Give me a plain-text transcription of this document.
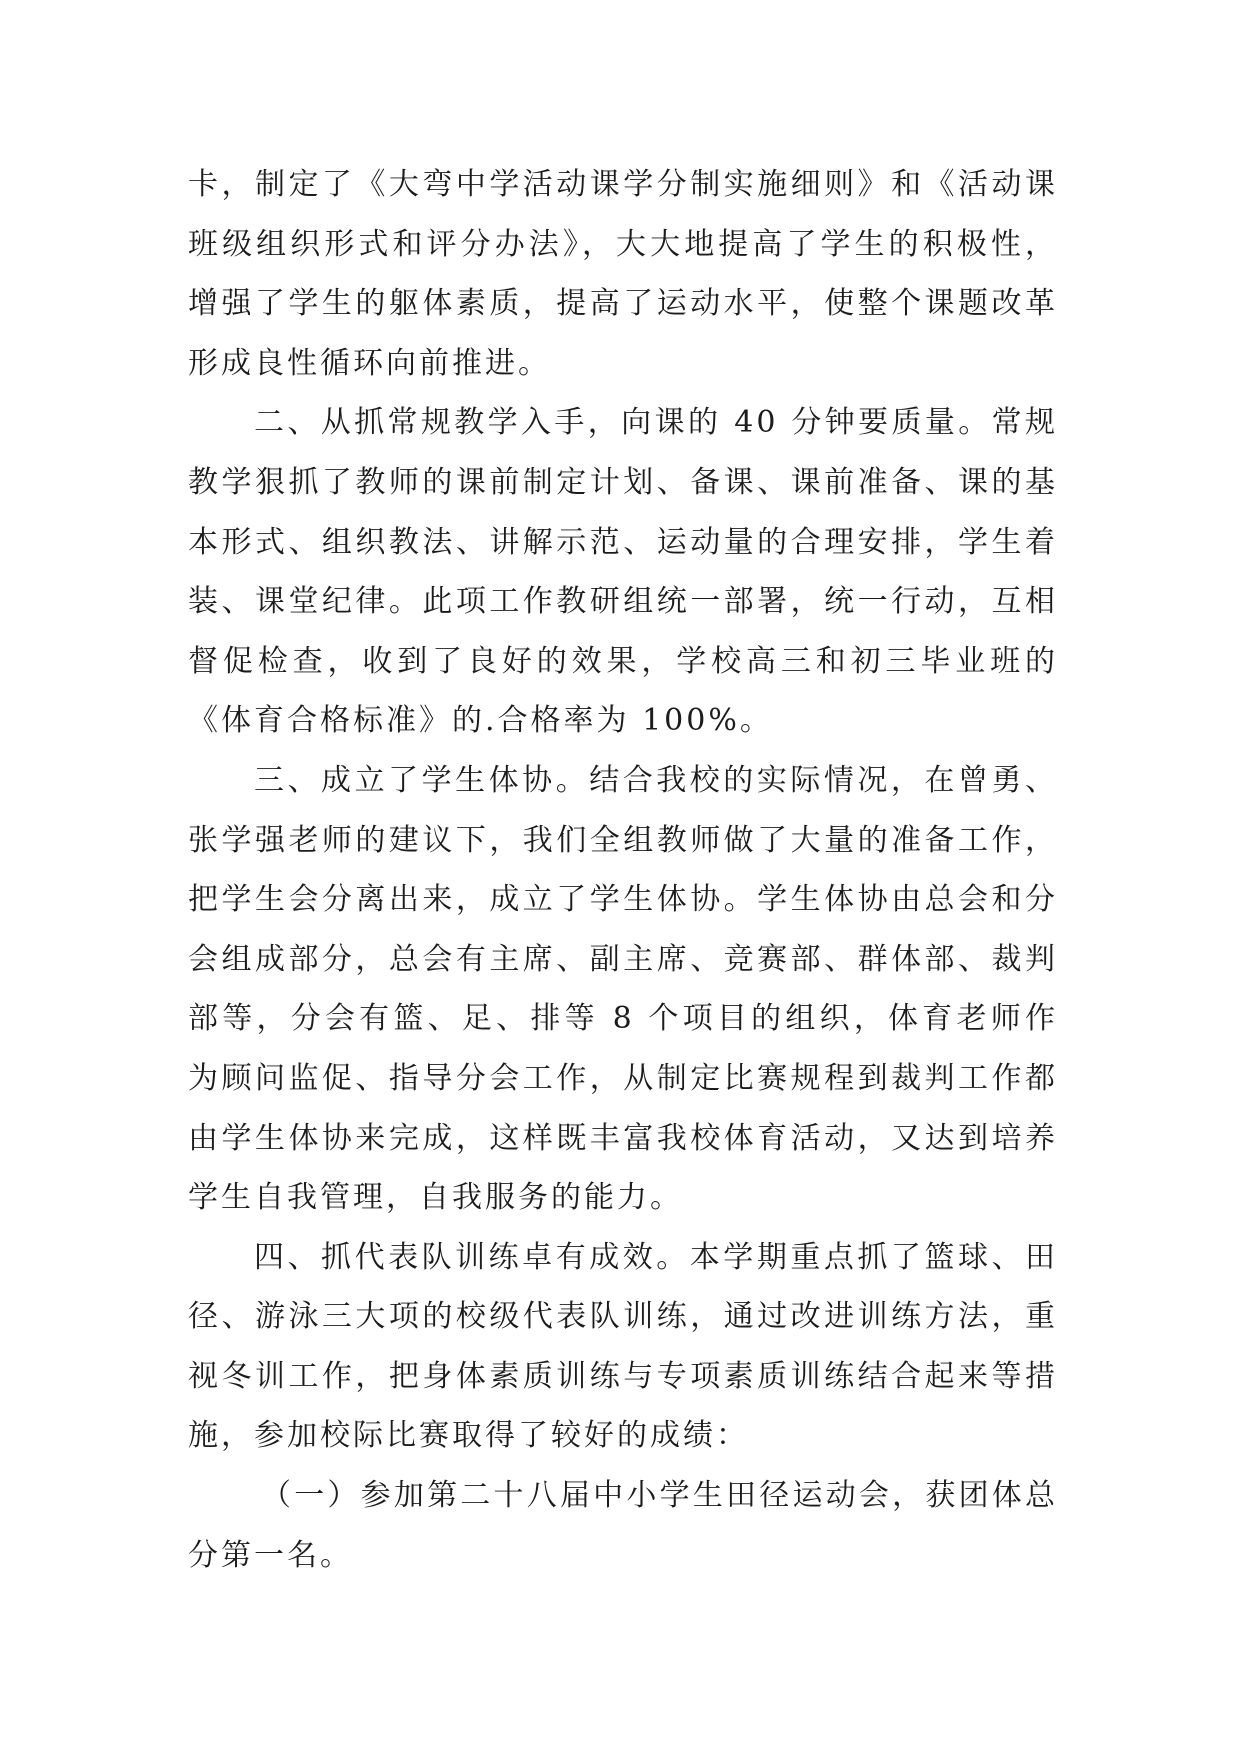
卡，制定了《大弯中学活动课学分制实施细则》和《活动课班级组织形式和评分办法》，大大地提高了学生的积极性，增强了学生的躯体素质，提高了运动水平，使整个课题改革形成良性循环向前推进。

二、从抓常规教学入手，向课的 40 分钟要质量。常规教学狠抓了教师的课前制定计划、备课、课前准备、课的基本形式、组织教法、讲解示范、运动量的合理安排，学生着装、课堂纪律。此项工作教研组统一部署，统一行动，互相督促检查，收到了良好的效果，学校高三和初三毕业班的《体育合格标准》的.合格率为 100%。

三、成立了学生体协。结合我校的实际情况，在曾勇、张学强老师的建议下，我们全组教师做了大量的准备工作，把学生会分离出来，成立了学生体协。学生体协由总会和分会组成部分，总会有主席、副主席、竞赛部、群体部、裁判部等，分会有篮、足、排等 8 个项目的组织，体育老师作为顾问监促、指导分会工作，从制定比赛规程到裁判工作都由学生体协来完成，这样既丰富我校体育活动，又达到培养学生自我管理，自我服务的能力。

四、抓代表队训练卓有成效。本学期重点抓了篮球、田径、游泳三大项的校级代表队训练，通过改进训练方法，重视冬训工作，把身体素质训练与专项素质训练结合起来等措施，参加校际比赛取得了较好的成绩：

（一）参加第二十八届中小学生田径运动会，获团体总分第一名。
